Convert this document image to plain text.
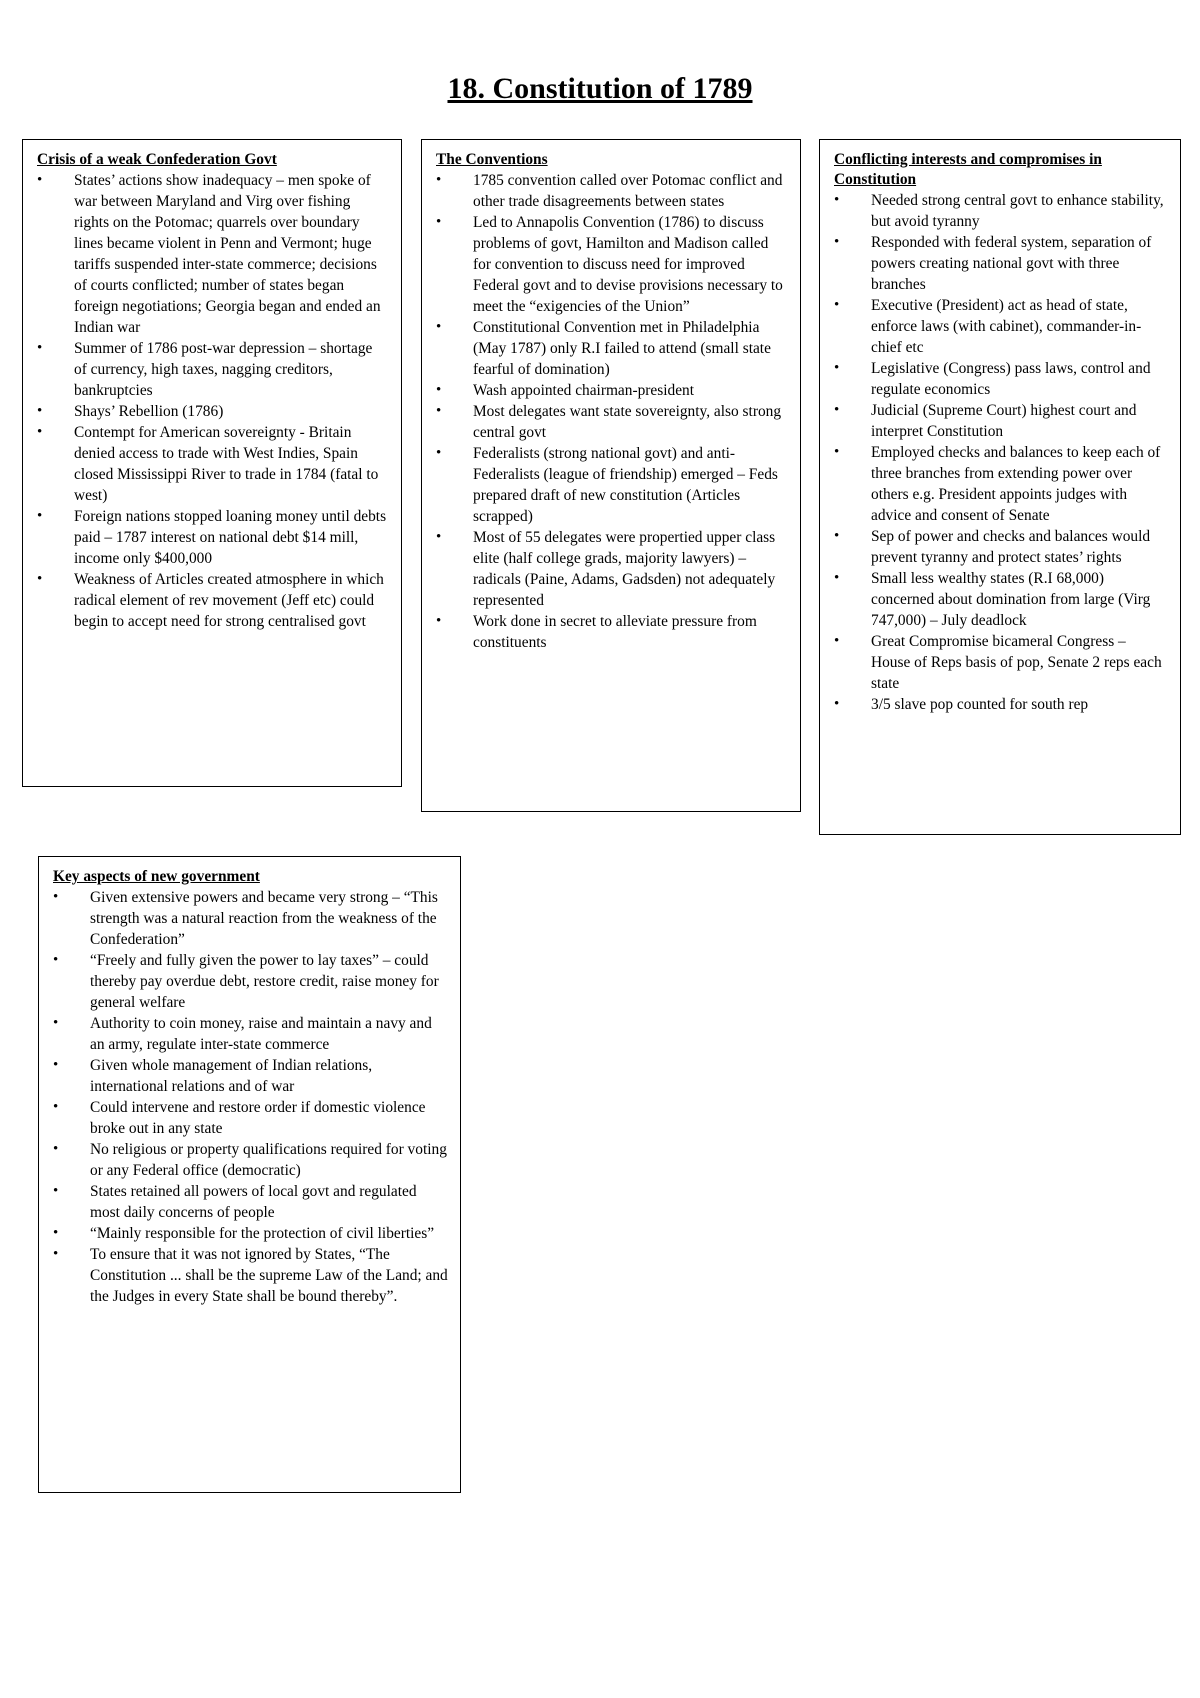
18. Constitution of 1789
Crisis of a weak Confederation Govt
• States’ actions show inadequacy – men spoke of war between Maryland and Virg over fishing rights on the Potomac; quarrels over boundary lines became violent in Penn and Vermont; huge tariffs suspended inter-state commerce; decisions of courts conflicted; number of states began foreign negotiations; Georgia began and ended an Indian war
• Summer of 1786 post-war depression – shortage of currency, high taxes, nagging creditors, bankruptcies
• Shays’ Rebellion (1786)
• Contempt for American sovereignty - Britain denied access to trade with West Indies, Spain closed Mississippi River to trade in 1784 (fatal to west)
• Foreign nations stopped loaning money until debts paid – 1787 interest on national debt $14 mill, income only $400,000
• Weakness of Articles created atmosphere in which radical element of rev movement (Jeff etc) could begin to accept need for strong centralised govt
The Conventions
• 1785 convention called over Potomac conflict and other trade disagreements between states
• Led to Annapolis Convention (1786) to discuss problems of govt, Hamilton and Madison called for convention to discuss need for improved Federal govt and to devise provisions necessary to meet the “exigencies of the Union”
• Constitutional Convention met in Philadelphia (May 1787) only R.I failed to attend (small state fearful of domination)
• Wash appointed chairman-president
• Most delegates want state sovereignty, also strong central govt
• Federalists (strong national govt) and anti-Federalists (league of friendship) emerged – Feds prepared draft of new constitution (Articles scrapped)
• Most of 55 delegates were propertied upper class elite (half college grads, majority lawyers) – radicals (Paine, Adams, Gadsden) not adequately represented
• Work done in secret to alleviate pressure from constituents
Conflicting interests and compromises in Constitution
• Needed strong central govt to enhance stability, but avoid tyranny
• Responded with federal system, separation of powers creating national govt with three branches
• Executive (President) act as head of state, enforce laws (with cabinet), commander-in-chief etc
• Legislative (Congress) pass laws, control and regulate economics
• Judicial (Supreme Court) highest court and interpret Constitution
• Employed checks and balances to keep each of three branches from extending power over others e.g. President appoints judges with advice and consent of Senate
• Sep of power and checks and balances would prevent tyranny and protect states’ rights
• Small less wealthy states (R.I 68,000) concerned about domination from large (Virg 747,000) – July deadlock
• Great Compromise bicameral Congress – House of Reps basis of pop, Senate 2 reps each state
• 3/5 slave pop counted for south rep
Key aspects of new government
• Given extensive powers and became very strong – “This strength was a natural reaction from the weakness of the Confederation”
• “Freely and fully given the power to lay taxes” – could thereby pay overdue debt, restore credit, raise money for general welfare
• Authority to coin money, raise and maintain a navy and an army, regulate inter-state commerce
• Given whole management of Indian relations, international relations and of war
• Could intervene and restore order if domestic violence broke out in any state
• No religious or property qualifications required for voting or any Federal office (democratic)
• States retained all powers of local govt and regulated most daily concerns of people
• “Mainly responsible for the protection of civil liberties”
• To ensure that it was not ignored by States, “The Constitution ... shall be the supreme Law of the Land; and the Judges in every State shall be bound thereby”.
